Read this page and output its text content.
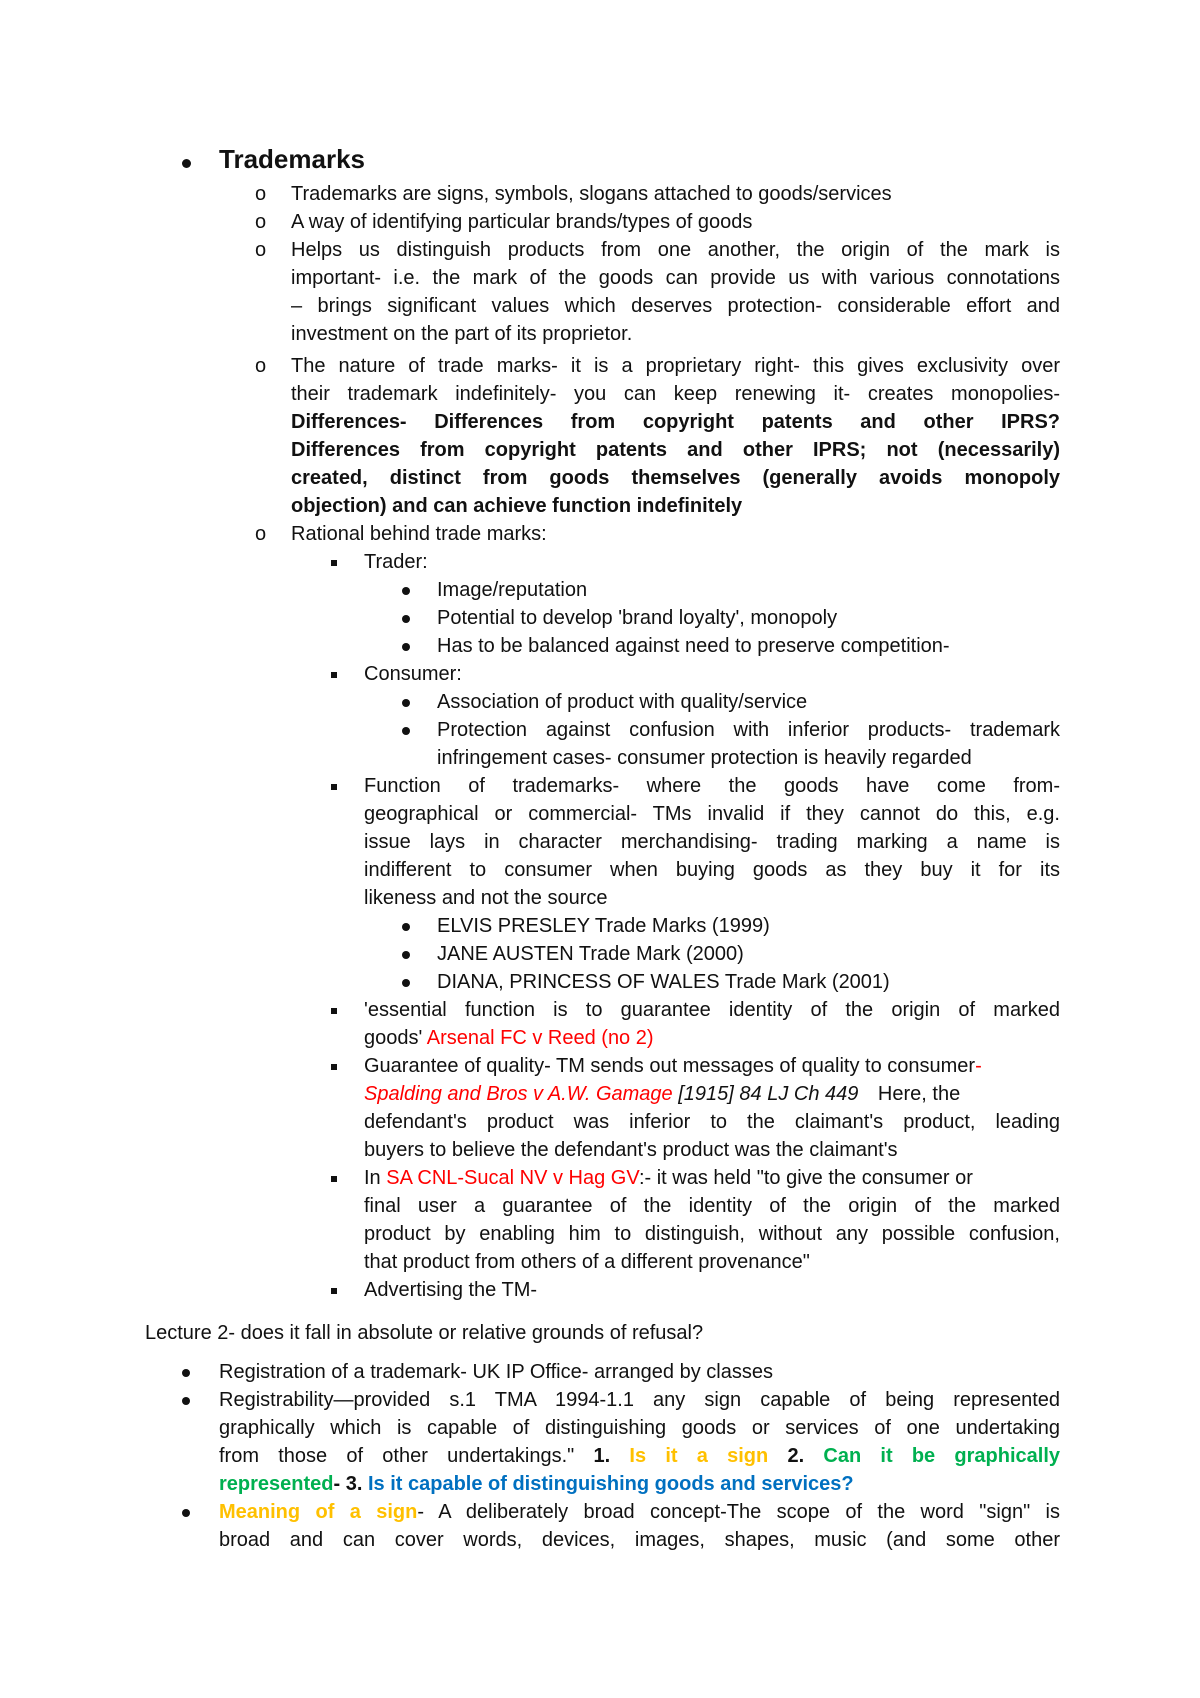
Trademarks
o Trademarks are signs, symbols, slogans attached to goods/services
o A way of identifying particular brands/types of goods
o Helps us distinguish products from one another, the origin of the mark is
important- i.e. the mark of the goods can provide us with various connotations
– brings significant values which deserves protection- considerable effort and
investment on the part of its proprietor.
o The nature of trade marks- it is a proprietary right- this gives exclusivity over
their trademark indefinitely- you can keep renewing it- creates monopolies-
Differences- Differences from copyright patents and other IPRS?
Differences from copyright patents and other IPRS; not (necessarily)
created, distinct from goods themselves (generally avoids monopoly
objection) and can achieve function indefinitely
o Rational behind trade marks:
Trader:
Image/reputation
Potential to develop 'brand loyalty', monopoly
Has to be balanced against need to preserve competition-
Consumer:
Association of product with quality/service
Protection against confusion with inferior products- trademark
infringement cases- consumer protection is heavily regarded
Function of trademarks- where the goods have come from-
geographical or commercial- TMs invalid if they cannot do this, e.g.
issue lays in character merchandising- trading marking a name is
indifferent to consumer when buying goods as they buy it for its
likeness and not the source
ELVIS PRESLEY Trade Marks (1999)
JANE AUSTEN Trade Mark (2000)
DIANA, PRINCESS OF WALES Trade Mark (2001)
'essential function is to guarantee identity of the origin of marked
goods' Arsenal FC v Reed (no 2)
Guarantee of quality- TM sends out messages of quality to consumer-
Spalding and Bros v A.W. Gamage [1915] 84 LJ Ch 449 Here, the
defendant's product was inferior to the claimant's product, leading
buyers to believe the defendant's product was the claimant's
In SA CNL-Sucal NV v Hag GV:- it was held "to give the consumer or
final user a guarantee of the identity of the origin of the marked
product by enabling him to distinguish, without any possible confusion,
that product from others of a different provenance"
Advertising the TM-
Lecture 2- does it fall in absolute or relative grounds of refusal?
Registration of a trademark- UK IP Office- arranged by classes
Registrability—provided s.1 TMA 1994-1.1 any sign capable of being represented
graphically which is capable of distinguishing goods or services of one undertaking
from those of other undertakings." 1. Is it a sign 2. Can it be graphically
represented- 3. Is it capable of distinguishing goods and services?
Meaning of a sign- A deliberately broad concept-The scope of the word "sign" is
broad and can cover words, devices, images, shapes, music (and some other
